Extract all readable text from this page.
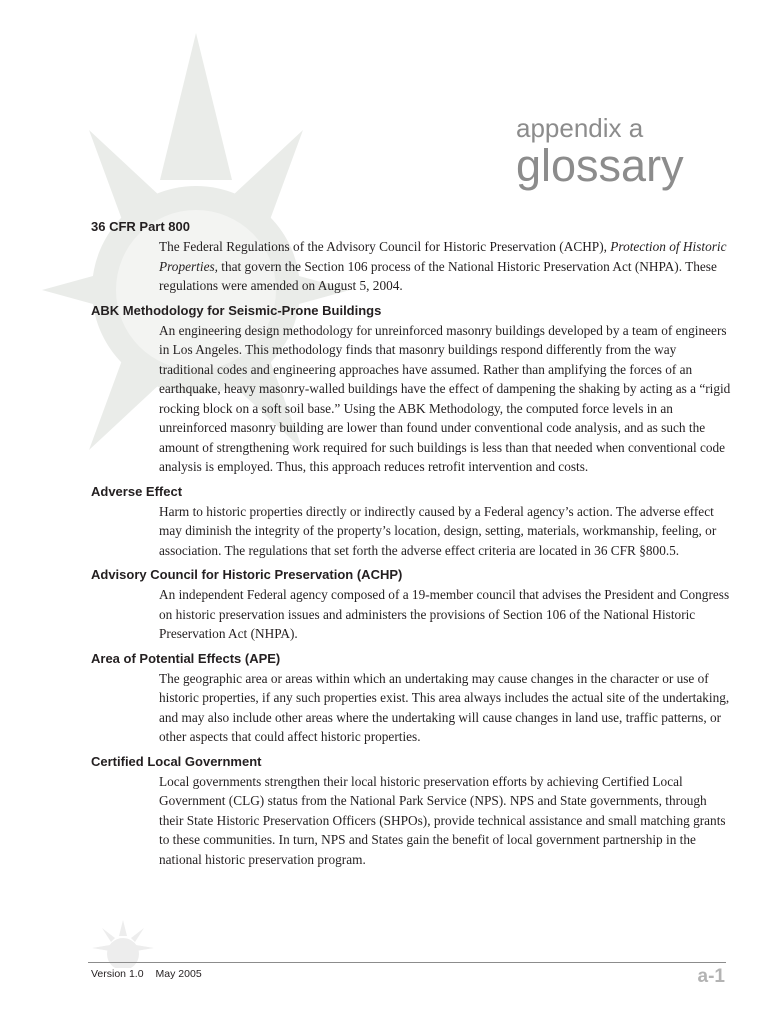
appendix a
glossary
36 CFR Part 800
The Federal Regulations of the Advisory Council for Historic Preservation (ACHP), Protection of Historic Properties, that govern the Section 106 process of the National Historic Preservation Act (NHPA). These regulations were amended on August 5, 2004.
ABK Methodology for Seismic-Prone Buildings
An engineering design methodology for unreinforced masonry buildings developed by a team of engineers in Los Angeles. This methodology finds that masonry buildings respond differently from the way traditional codes and engineering approaches have assumed. Rather than amplifying the forces of an earthquake, heavy masonry-walled buildings have the effect of dampening the shaking by acting as a “rigid rocking block on a soft soil base.” Using the ABK Methodology, the computed force levels in an unreinforced masonry building are lower than found under conventional code analysis, and as such the amount of strengthening work required for such buildings is less than that needed when conventional code analysis is employed. Thus, this approach reduces retrofit intervention and costs.
Adverse Effect
Harm to historic properties directly or indirectly caused by a Federal agency’s action. The adverse effect may diminish the integrity of the property’s location, design, setting, materials, workmanship, feeling, or association. The regulations that set forth the adverse effect criteria are located in 36 CFR §800.5.
Advisory Council for Historic Preservation (ACHP)
An independent Federal agency composed of a 19-member council that advises the President and Congress on historic preservation issues and administers the provisions of Section 106 of the National Historic Preservation Act (NHPA).
Area of Potential Effects (APE)
The geographic area or areas within which an undertaking may cause changes in the character or use of historic properties, if any such properties exist. This area always includes the actual site of the undertaking, and may also include other areas where the undertaking will cause changes in land use, traffic patterns, or other aspects that could affect historic properties.
Certified Local Government
Local governments strengthen their local historic preservation efforts by achieving Certified Local Government (CLG) status from the National Park Service (NPS). NPS and State governments, through their State Historic Preservation Officers (SHPOs), provide technical assistance and small matching grants to these communities. In turn, NPS and States gain the benefit of local government partnership in the national historic preservation program.
Version 1.0 May 2005	a-1
